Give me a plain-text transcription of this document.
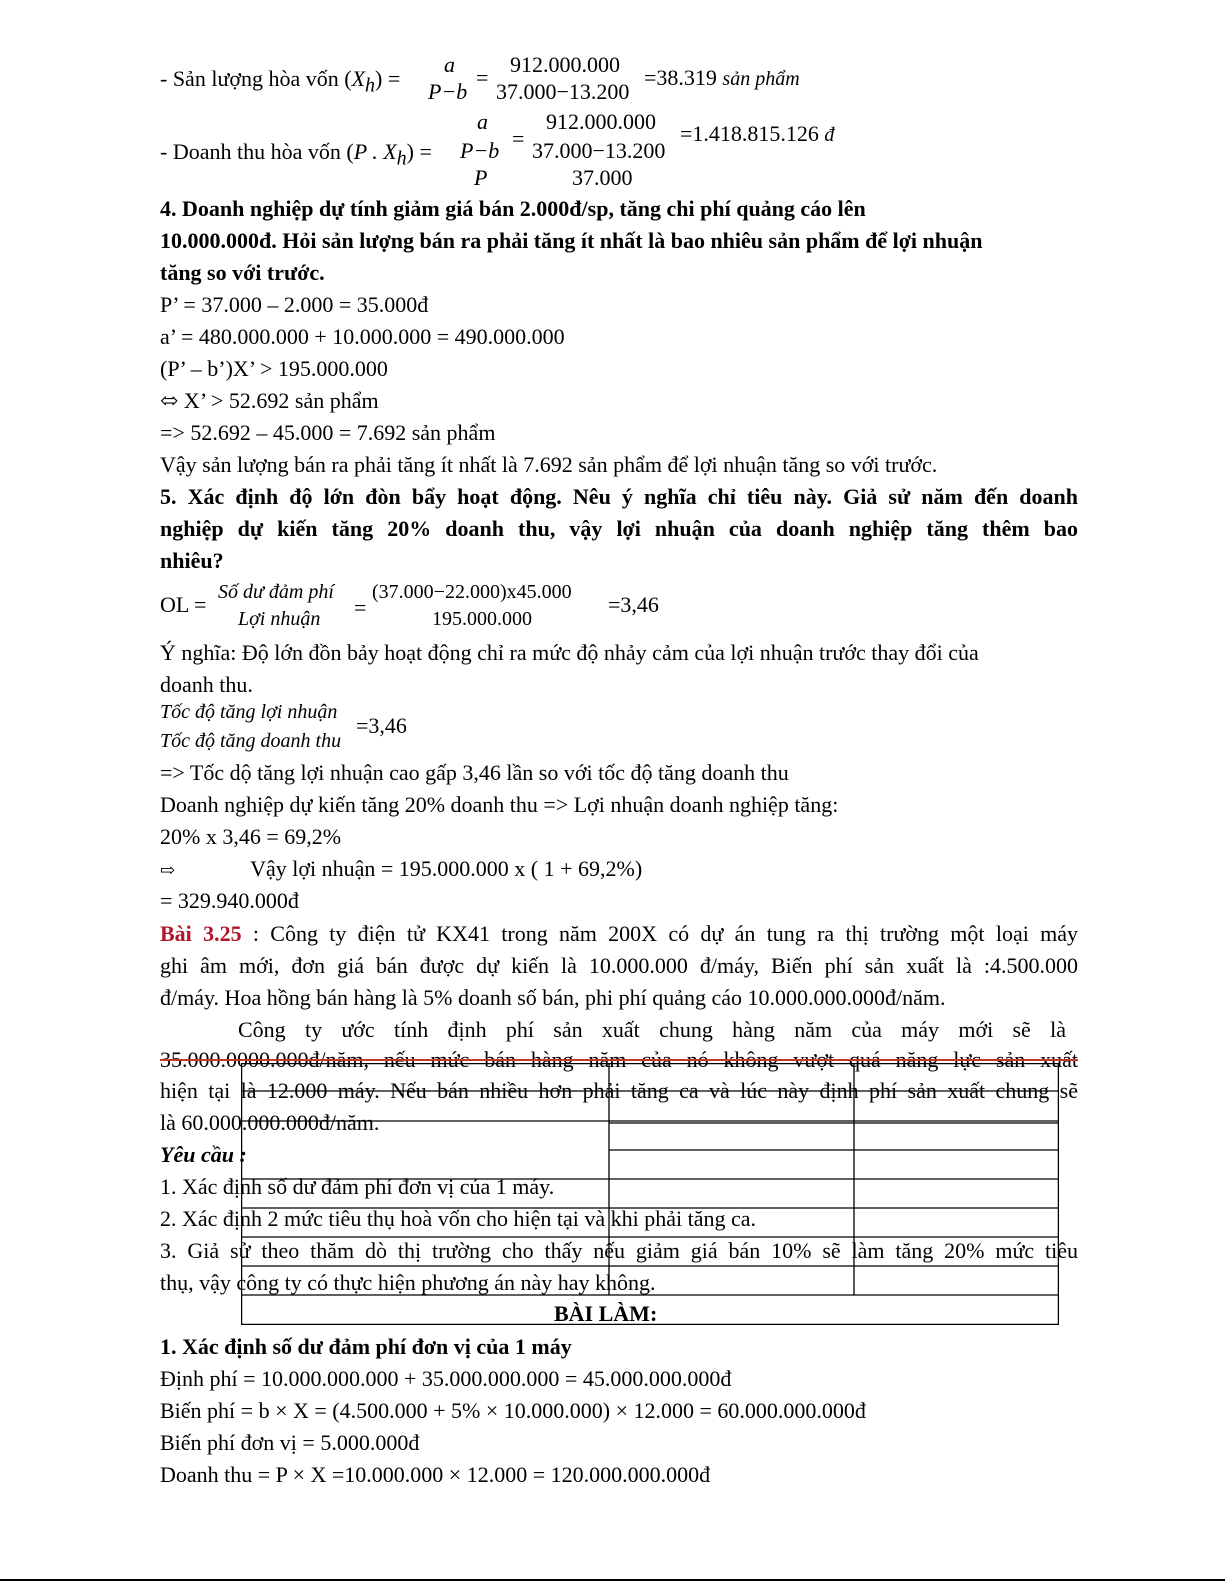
- Sản lượng hòa vốn $(X_h)$ =
a
P−b
=
912.000.000
37.000−13.200
=38.319 sản phẩm
- Doanh thu hòa vốn (P . $X_h$) =
a
P−b
P
=
912.000.000
37.000−13.200
37.000
=1.418.815.126 đ
4. Doanh nghiệp dự tính giảm giá bán 2.000đ/sp, tăng chi phí quảng cáo lên
10.000.000đ. Hỏi sản lượng bán ra phải tăng ít nhất là bao nhiêu sản phẩm để lợi nhuận
tăng so với trước.
P’ = 37.000 – 2.000 = 35.000đ
a’ = 480.000.000 + 10.000.000 = 490.000.000
(P’ – b’)X’ > 195.000.000
⬄ X’ > 52.692 sản phẩm
=> 52.692 – 45.000 = 7.692 sản phẩm
Vậy sản lượng bán ra phải tăng ít nhất là 7.692 sản phẩm để lợi nhuận tăng so với trước.
5. Xác định độ lớn đòn bẩy hoạt động. Nêu ý nghĩa chỉ tiêu này. Giả sử năm đến doanh
nghiệp dự kiến tăng 20% doanh thu, vậy lợi nhuận của doanh nghiệp tăng thêm bao
nhiêu?
OL = Số dư đảm phí
Lợi nhuận =
(37.000−22.000)x45.000
195.000.000
=3,46
Ý nghĩa: Độ lớn đồn bảy hoạt động chỉ ra mức độ nhảy cảm của lợi nhuận trước thay đổi của
doanh thu.
Tốc độ tăng lợi nhuận
Tốc độ tăng doanh thu
=3,46
=> Tốc dộ tăng lợi nhuận cao gấp 3,46 lần so với tốc độ tăng doanh thu
Doanh nghiệp dự kiến tăng 20% doanh thu => Lợi nhuận doanh nghiệp tăng:
20% x 3,46 = 69,2%
⇨	Vậy lợi nhuận = 195.000.000 x ( 1 + 69,2%)
= 329.940.000đ
Bài 3.25 : Công ty điện tử KX41 trong năm 200X có dự án tung ra thị trường một loại máy
ghi âm mới, đơn giá bán được dự kiến là 10.000.000 đ/máy, Biến phí sản xuất là :4.500.000
đ/máy. Hoa hồng bán hàng là 5% doanh số bán, phi phí quảng cáo 10.000.000.000đ/năm.
Công ty ước tính định phí sản xuất chung hàng năm của máy mới sẽ là
35.000.0000.000đ/năm, nếu mức bán hàng năm của nó không vượt quá năng lực sản xuất
hiện tại là 12.000 máy. Nếu bán nhiều hơn phải tăng ca và lúc này định phí sản xuất chung sẽ
là 60.000.000.000đ/năm.
Yêu cầu :
1. Xác định số dư đảm phí đơn vị của 1 máy.
2. Xác định 2 mức tiêu thụ hoà vốn cho hiện tại và khi phải tăng ca.
3. Giả sử theo thăm dò thị trường cho thấy nếu giảm giá bán 10% sẽ làm tăng 20% mức tiêu
thụ, vậy công ty có thực hiện phương án này hay không.
BÀI LÀM:
1. Xác định số dư đảm phí đơn vị của 1 máy
Định phí = 10.000.000.000 + 35.000.000.000 = 45.000.000.000đ
Biến phí = b × X = (4.500.000 + 5% × 10.000.000) × 12.000 = 60.000.000.000đ
Biến phí đơn vị = 5.000.000đ
Doanh thu = P × X =10.000.000 × 12.000 = 120.000.000.000đ
